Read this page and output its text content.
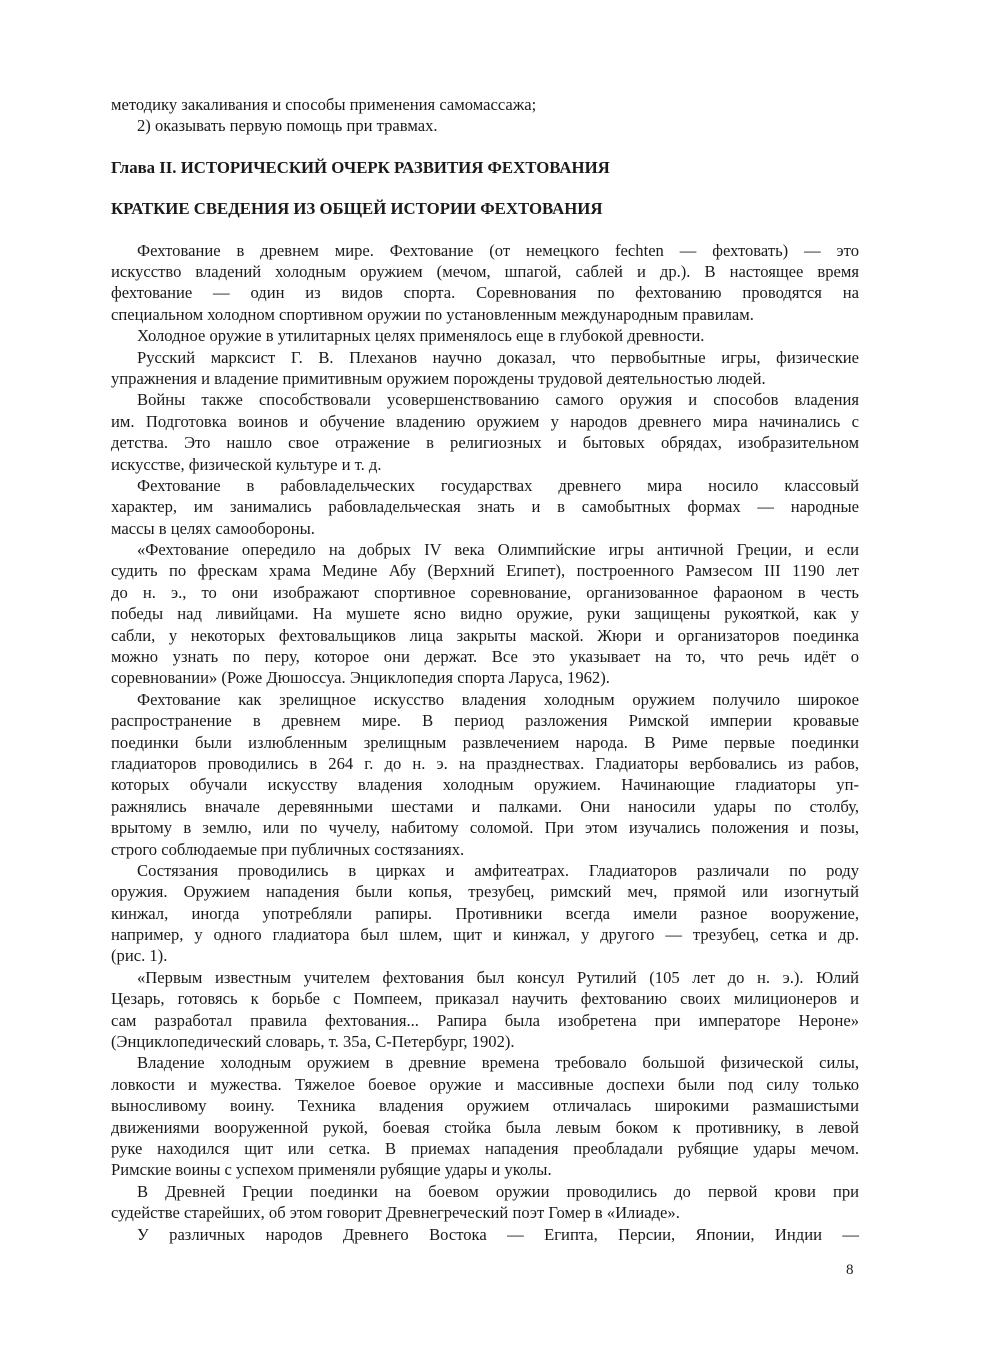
методику закаливания и способы применения самомассажа;
2) оказывать первую помощь при травмах.
Глава II. ИСТОРИЧЕСКИЙ ОЧЕРК РАЗВИТИЯ ФЕХТОВАНИЯ
КРАТКИЕ СВЕДЕНИЯ ИЗ ОБЩЕЙ ИСТОРИИ ФЕХТОВАНИЯ
Фехтование в древнем мире. Фехтование (от немецкого fechten — фехтовать) — это
искусство владений холодным оружием (мечом, шпагой, саблей и др.). В настоящее время
фехтование — один из видов спорта. Соревнования по фехтованию проводятся на
специальном холодном спортивном оружии по установленным международным правилам.
Холодное оружие в утилитарных целях применялось еще в глубокой древности.
Русский марксист Г. В. Плеханов научно доказал, что первобытные игры, физические
упражнения и владение примитивным оружием порождены трудовой деятельностью людей.
Войны также способствовали усовершенствованию самого оружия и способов владения
им. Подготовка воинов и обучение владению оружием у народов древнего мира начинались с
детства. Это нашло свое отражение в религиозных и бытовых обрядах, изобразительном
искусстве, физической культуре и т. д.
Фехтование в рабовладельческих государствах древнего мира носило классовый
характер, им занимались рабовладельческая знать и в самобытных формах — народные
массы в целях самообороны.
«Фехтование опередило на добрых IV века Олимпийские игры античной Греции, и если
судить по фрескам храма Медине Абу (Верхний Египет), построенного Рамзесом III 1190 лет
до н. э., то они изображают спортивное соревнование, организованное фараоном в честь
победы над ливийцами. На мушете ясно видно оружие, руки защищены рукояткой, как у
сабли, у некоторых фехтовальщиков лица закрыты маской. Жюри и организаторов поединка
можно узнать по перу, которое они держат. Все это указывает на то, что речь идёт о
соревновании» (Роже Дюшоссуа. Энциклопедия спорта Ларуса, 1962).
Фехтование как зрелищное искусство владения холодным оружием получило широкое
распространение в древнем мире. В период разложения Римской империи кровавые
поединки были излюбленным зрелищным развлечением народа. В Риме первые поединки
гладиаторов проводились в 264 г. до н. э. на празднествах. Гладиаторы вербовались из рабов,
которых обучали искусству владения холодным оружием. Начинающие гладиаторы уп-
ражнялись вначале деревянными шестами и палками. Они наносили удары по столбу,
врытому в землю, или по чучелу, набитому соломой. При этом изучались положения и позы,
строго соблюдаемые при публичных состязаниях.
Состязания проводились в цирках и амфитеатрах. Гладиаторов различали по роду
оружия. Оружием нападения были копья, трезубец, римский меч, прямой или изогнутый
кинжал, иногда употребляли рапиры. Противники всегда имели разное вооружение,
например, у одного гладиатора был шлем, щит и кинжал, у другого — трезубец, сетка и др.
(рис. 1).
«Первым известным учителем фехтования был консул Рутилий (105 лет до н. э.). Юлий
Цезарь, готовясь к борьбе с Помпеем, приказал научить фехтованию своих милиционеров и
сам разработал правила фехтования... Рапира была изобретена при императоре Нероне»
(Энциклопедический словарь, т. 35а, С-Петербург, 1902).
Владение холодным оружием в древние времена требовало большой физической силы,
ловкости и мужества. Тяжелое боевое оружие и массивные доспехи были под силу только
выносливому воину. Техника владения оружием отличалась широкими размашистыми
движениями вооруженной рукой, боевая стойка была левым боком к противнику, в левой
руке находился щит или сетка. В приемах нападения преобладали рубящие удары мечом.
Римские воины с успехом применяли рубящие удары и уколы.
В Древней Греции поединки на боевом оружии проводились до первой крови при
судействе старейших, об этом говорит Древнегреческий поэт Гомер в «Илиаде».
У различных народов Древнего Востока — Египта, Персии, Японии, Индии —
8
